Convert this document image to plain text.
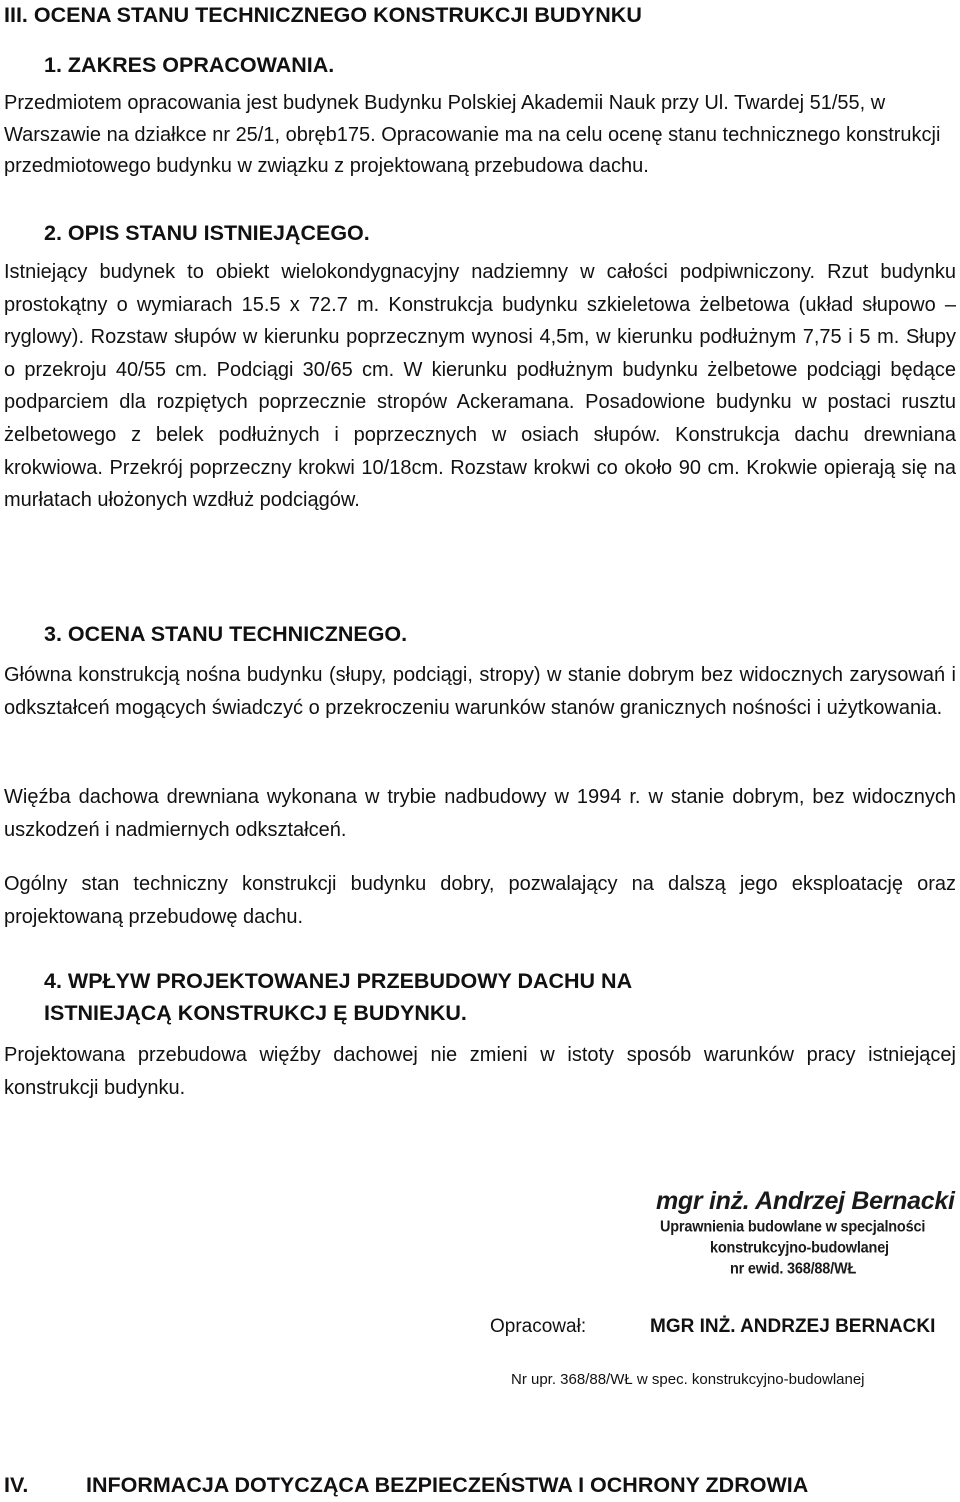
III. OCENA STANU TECHNICZNEGO KONSTRUKCJI BUDYNKU
1. ZAKRES OPRACOWANIA.

Przedmiotem opracowania jest budynek Budynku Polskiej Akademii Nauk przy Ul. Twardej 51/55, w Warszawie na działkce nr 25/1, obręb175. Opracowanie ma na celu ocenę stanu technicznego konstrukcji przedmiotowego budynku w związku z projektowaną przebudowa dachu.

2. OPIS STANU ISTNIEJĄCEGO.

Istniejący budynek to obiekt wielokondygnacyjny nadziemny w całości podpiwniczony. Rzut budynku prostokątny o wymiarach 15.5 x 72.7 m. Konstrukcja budynku szkieletowa żelbetowa (układ słupowo – ryglowy). Rozstaw słupów w kierunku poprzecznym wynosi 4,5m, w kierunku podłużnym 7,75 i 5 m. Słupy o przekroju 40/55 cm. Podciągi 30/65 cm. W kierunku podłużnym budynku żelbetowe podciągi będące podparciem dla rozpiętych poprzecznie stropów Ackeramana. Posadowione budynku w postaci rusztu żelbetowego z belek podłużnych i poprzecznych w osiach słupów. Konstrukcja dachu drewniana krokwiowa. Przekrój poprzeczny krokwi 10/18cm. Rozstaw krokwi co około 90 cm. Krokwie opierają się na murłatach ułożonych wzdłuż podciągów.

3. OCENA STANU TECHNICZNEGO.

Główna konstrukcją nośna budynku (słupy, podciągi, stropy) w stanie dobrym bez widocznych zarysowań i odkształceń mogących świadczyć o przekroczeniu warunków stanów granicznych nośności i użytkowania.

Więźba dachowa drewniana wykonana w trybie nadbudowy w 1994 r. w stanie dobrym, bez widocznych uszkodzeń i nadmiernych odkształceń.

Ogólny stan techniczny konstrukcji budynku dobry, pozwalający na dalszą jego eksploatację oraz projektowaną przebudowę dachu.

4. WPŁYW PROJEKTOWANEJ PRZEBUDOWY DACHU NA
ISTNIEJĄCĄ KONSTRUKCJ Ę BUDYNKU.

Projektowana przebudowa więźby dachowej nie zmieni w istoty sposób warunków pracy istniejącej konstrukcji budynku.

mgr inż. Andrzej Bernacki
Uprawnienia budowlane w specjalności
konstrukcyjno-budowlanej
nr ewid. 368/88/WŁ
Opracował:	MGR INŻ. ANDRZEJ BERNACKI
Nr upr. 368/88/WŁ w spec. konstrukcyjno-budowlanej
IV.	INFORMACJA DOTYCZĄCA BEZPIECZEŃSTWA I OCHRONY ZDROWIA
